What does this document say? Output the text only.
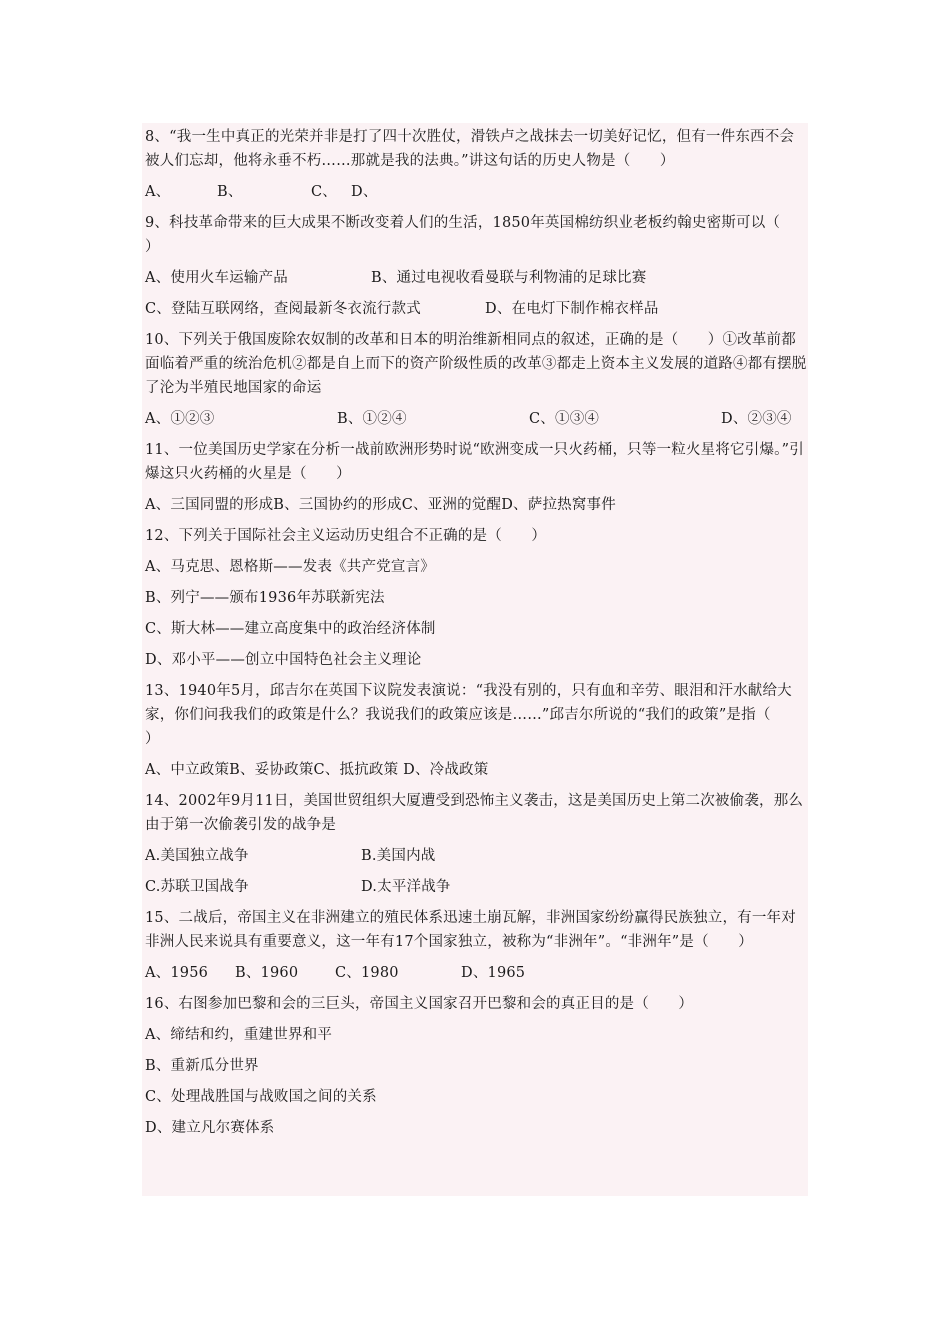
8、“我一生中真正的光荣并非是打了四十次胜仗，滑铁卢之战抹去一切美好记忆，但有一件东西不会被人们忘却，他将永垂不朽……那就是我的法典。”讲这句话的历史人物是（　　）
A、	B、	C、 D、
9、科技革命带来的巨大成果不断改变着人们的生活，1850年英国棉纺织业老板约翰史密斯可以（　　）
A、使用火车运输产品	B、通过电视收看曼联与利物浦的足球比赛
C、登陆互联网络，查阅最新冬衣流行款式	D、在电灯下制作棉衣样品
10、下列关于俄国废除农奴制的改革和日本的明治维新相同点的叙述，正确的是（　　）①改革前都面临着严重的统治危机②都是自上而下的资产阶级性质的改革③都走上资本主义发展的道路④都有摆脱了沦为半殖民地国家的命运
A、①②③	B、①②④	C、①③④	D、②③④
11、一位美国历史学家在分析一战前欧洲形势时说“欧洲变成一只火药桶，只等一粒火星将它引爆。”引爆这只火药桶的火星是（　　）
A、三国同盟的形成B、三国协约的形成C、亚洲的觉醒D、萨拉热窝事件
12、下列关于国际社会主义运动历史组合不正确的是（　　）
A、马克思、恩格斯——发表《共产党宣言》
B、列宁——颁布1936年苏联新宪法
C、斯大林——建立高度集中的政治经济体制
D、邓小平——创立中国特色社会主义理论
13、1940年5月，邱吉尔在英国下议院发表演说：“我没有别的，只有血和辛劳、眼泪和汗水献给大家，你们问我我们的政策是什么？我说我们的政策应该是……”邱吉尔所说的“我们的政策”是指（　　）
A、中立政策B、妥协政策C、抵抗政策 D、冷战政策
14、2002年9月11日，美国世贸组织大厦遭受到恐怖主义袭击，这是美国历史上第二次被偷袭，那么由于第一次偷袭引发的战争是
A.美国独立战争	B.美国内战
C.苏联卫国战争	D.太平洋战争
15、二战后，帝国主义在非洲建立的殖民体系迅速土崩瓦解，非洲国家纷纷赢得民族独立，有一年对非洲人民来说具有重要意义，这一年有17个国家独立，被称为“非洲年”。“非洲年”是（　　）
A、1956	B、1960	C、1980	D、1965
16、右图参加巴黎和会的三巨头，帝国主义国家召开巴黎和会的真正目的是（　　）
A、缔结和约，重建世界和平
B、重新瓜分世界
C、处理战胜国与战败国之间的关系
D、建立凡尔赛体系
